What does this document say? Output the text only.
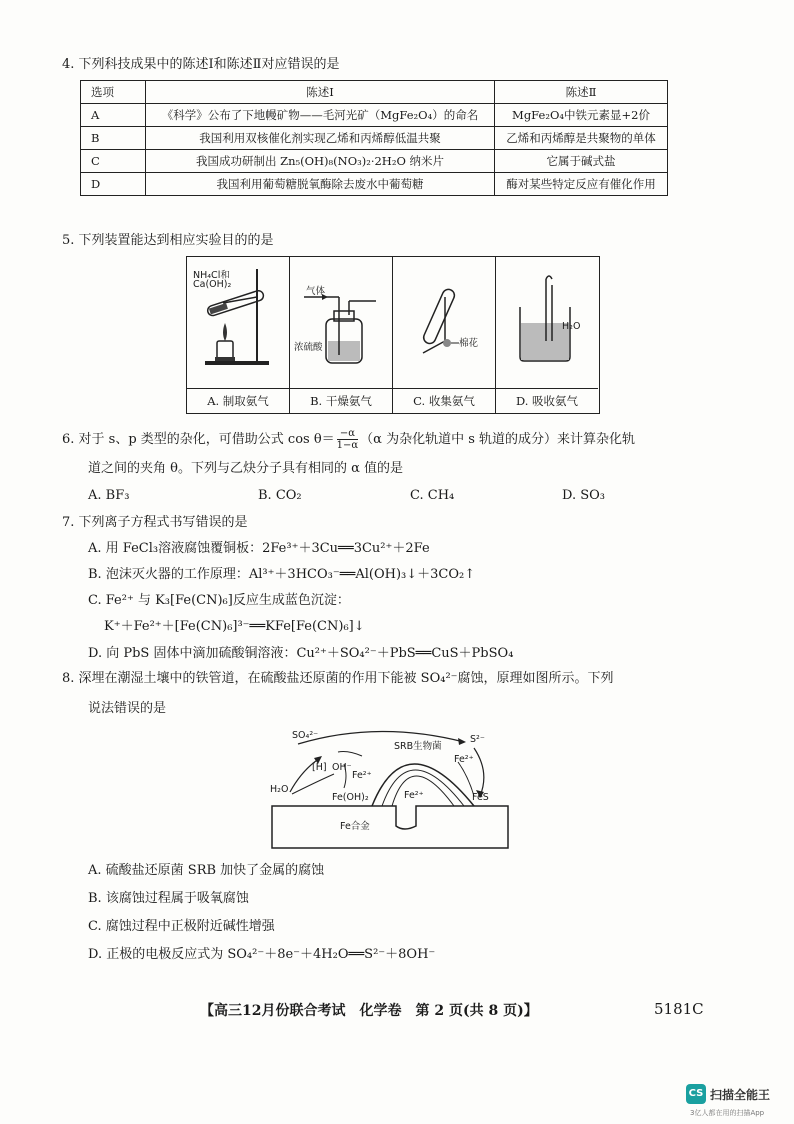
4. 下列科技成果中的陈述Ⅰ和陈述Ⅱ对应错误的是
选项	陈述Ⅰ	陈述Ⅱ
A	《科学》公布了下地幔矿物——毛河光矿（MgFe₂O₄）的命名	MgFe₂O₄中铁元素显+2价
B	我国利用双核催化剂实现乙烯和丙烯醇低温共聚	乙烯和丙烯醇是共聚物的单体
C	我国成功研制出 Zn₅(OH)₈(NO₃)₂·2H₂O 纳米片	它属于碱式盐
D	我国利用葡萄糖脱氧酶除去废水中葡萄糖	酶对某些特定反应有催化作用
5. 下列装置能达到相应实验目的的是
NH₄Cl和
Ca(OH)₂
A. 制取氨气
气体
浓硫酸
B. 干燥氨气
棉花
C. 收集氨气
H₂O
D. 吸收氨气
6. 对于 s、p 类型的杂化，可借助公式 $\cos \theta= \frac{-\alpha}{1-\alpha} (\alpha$ 为杂化轨道中 s 轨道的成分）来计算杂化轨
道之间的夹角 θ。下列与乙炔分子具有相同的 α 值的是
A. BF₃	B. CO₂	C. CH₄	D. SO₃
7. 下列离子方程式书写错误的是
A. 用 FeCl₃溶液腐蚀覆铜板：2Fe³⁺＋3Cu══3Cu²⁺＋2Fe
B. 泡沫灭火器的工作原理：Al³⁺＋3HCO₃⁻══Al(OH)₃↓＋3CO₂↑
C. Fe²⁺ 与 K₃[Fe(CN)₆]反应生成蓝色沉淀：
K⁺＋Fe²⁺＋[Fe(CN)₆]³⁻══KFe[Fe(CN)₆]↓
D. 向 PbS 固体中滴加硫酸铜溶液：Cu²⁺＋SO₄²⁻＋PbS══CuS＋PbSO₄
8. 深埋在潮湿土壤中的铁管道，在硫酸盐还原菌的作用下能被 SO₄²⁻腐蚀，原理如图所示。下列
说法错误的是
SO₄²⁻	S²⁻
[H] OH⁻
Fe²⁺
H₂O
Fe(OH)₂
SRB生物菌
Fe²⁺
Fe²⁺	FeS
Fe合金
A. 硫酸盐还原菌 SRB 加快了金属的腐蚀
B. 该腐蚀过程属于吸氧腐蚀
C. 腐蚀过程中正极附近碱性增强
D. 正极的电极反应式为 SO₄²⁻＋8e⁻＋4H₂O══S²⁻＋8OH⁻
【高三12月份联合考试　化学卷　第 2 页(共 8 页)】	5181C
CS 扫描全能王
3亿人都在用的扫描App
